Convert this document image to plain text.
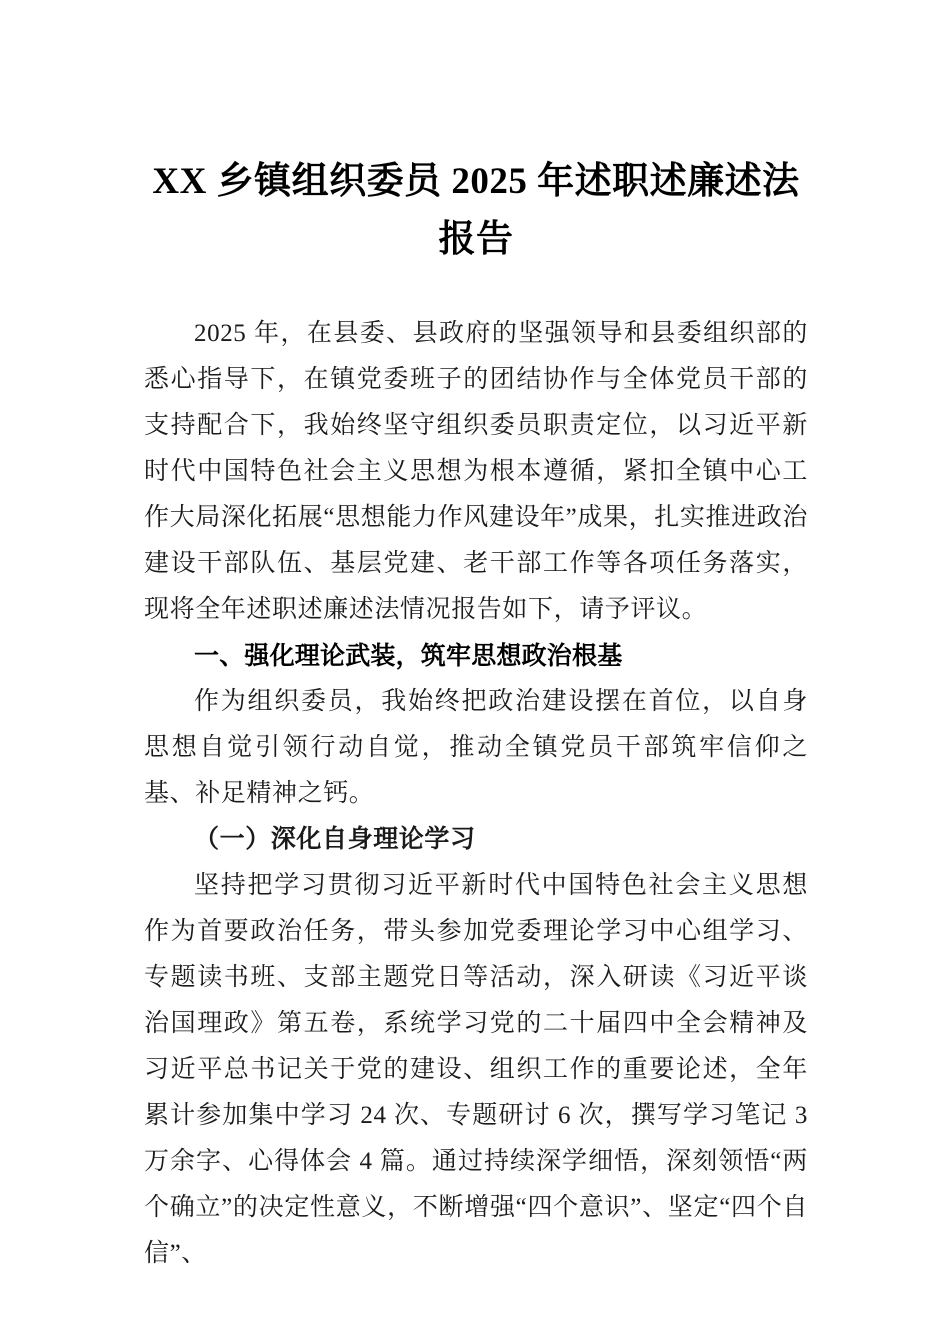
XX 乡镇组织委员 2025 年述职述廉述法报告

2025 年，在县委、县政府的坚强领导和县委组织部的悉心指导下，在镇党委班子的团结协作与全体党员干部的支持配合下，我始终坚守组织委员职责定位，以习近平新时代中国特色社会主义思想为根本遵循，紧扣全镇中心工作大局深化拓展“思想能力作风建设年”成果，扎实推进政治建设干部队伍、基层党建、老干部工作等各项任务落实，现将全年述职述廉述法情况报告如下，请予评议。

一、强化理论武装，筑牢思想政治根基

作为组织委员，我始终把政治建设摆在首位，以自身思想自觉引领行动自觉，推动全镇党员干部筑牢信仰之基、补足精神之钙。

（一）深化自身理论学习

坚持把学习贯彻习近平新时代中国特色社会主义思想作为首要政治任务，带头参加党委理论学习中心组学习、专题读书班、支部主题党日等活动，深入研读《习近平谈治国理政》第五卷，系统学习党的二十届四中全会精神及习近平总书记关于党的建设、组织工作的重要论述，全年累计参加集中学习 24 次、专题研讨 6 次，撰写学习笔记 3 万余字、心得体会 4 篇。通过持续深学细悟，深刻领悟“两个确立”的决定性意义，不断增强“四个意识”、坚定“四个自信”、
